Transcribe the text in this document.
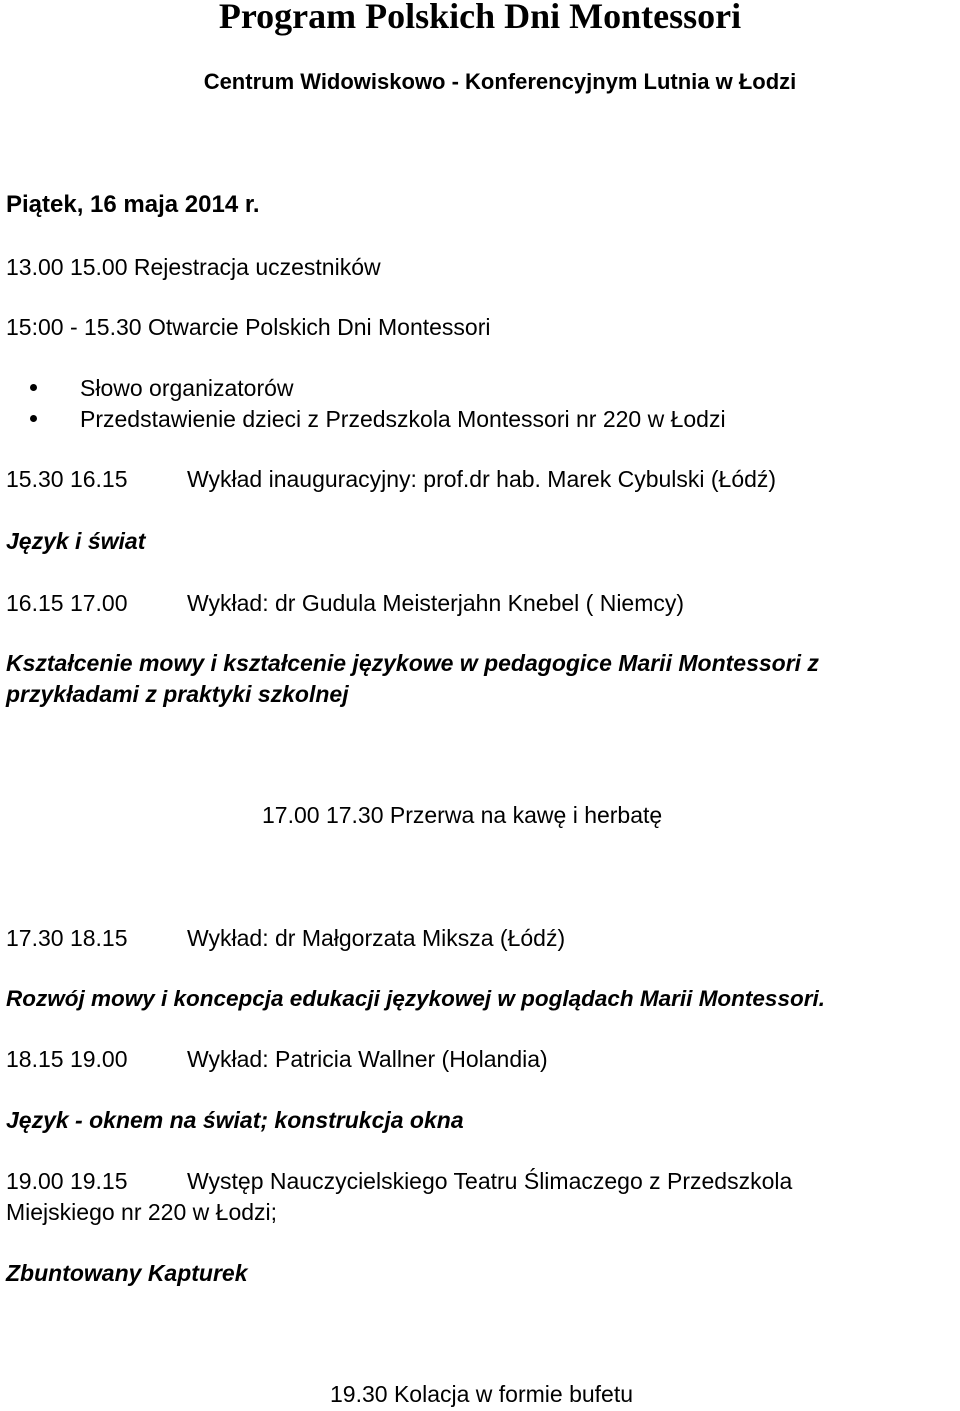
Program Polskich Dni Montessori
Centrum Widowiskowo - Konferencyjnym Lutnia w Łodzi
Piątek, 16 maja 2014 r.
13.00 15.00 Rejestracja uczestników
15:00 - 15.30 Otwarcie Polskich Dni Montessori
Słowo organizatorów
Przedstawienie dzieci z Przedszkola Montessori nr 220 w Łodzi
15.30 16.15	Wykład inauguracyjny: prof.dr hab. Marek Cybulski (Łódź)
Język i świat
16.15 17.00	Wykład: dr Gudula Meisterjahn Knebel ( Niemcy)
Kształcenie mowy i kształcenie językowe w pedagogice Marii Montessori z
przykładami z praktyki szkolnej
17.00 17.30 Przerwa na kawę i herbatę
17.30 18.15	Wykład: dr Małgorzata Miksza (Łódź)
Rozwój mowy i koncepcja edukacji językowej w poglądach Marii Montessori.
18.15 19.00	Wykład: Patricia Wallner (Holandia)
Język - oknem na świat; konstrukcja okna
19.00 19.15	Występ Nauczycielskiego Teatru Ślimaczego z Przedszkola
Miejskiego nr 220 w Łodzi;
Zbuntowany Kapturek
19.30 Kolacja w formie bufetu
